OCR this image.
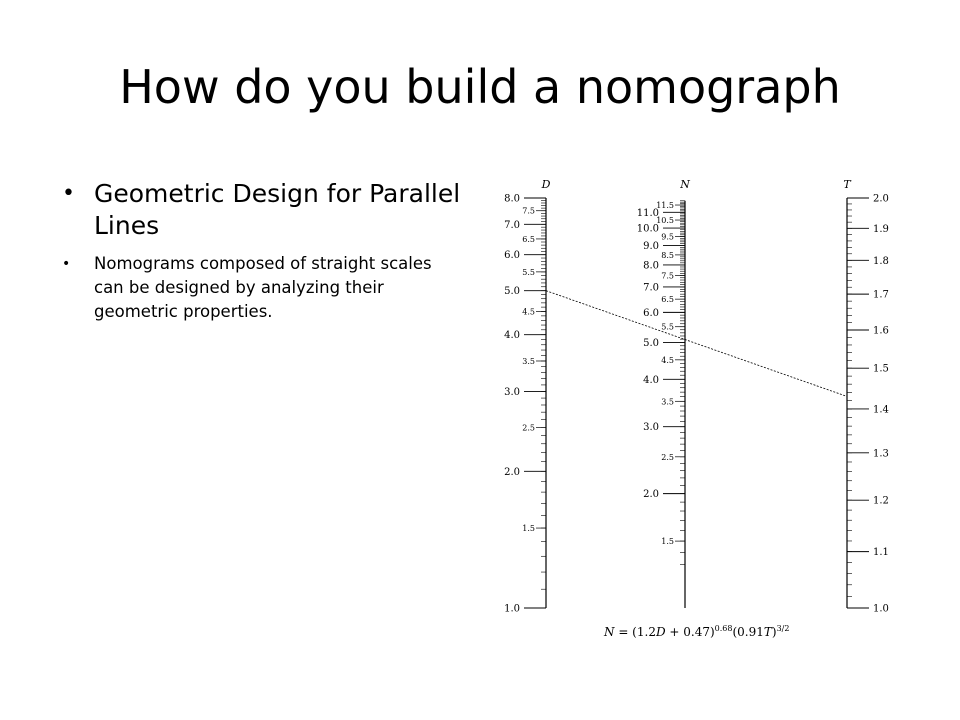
How do you build a nomograph
• Geometric Design for Parallel Lines
• Nomograms composed of straight scales can be designed by analyzing their geometric properties.
1.0
2.0
3.0
4.0
5.0
6.0
7.0
8.0
1.5
2.5
3.5
4.5
5.5
6.5
7.5
D
2.0
3.0
4.0
5.0
6.0
7.0
8.0
9.0
10.0
11.0
1.5
2.5
3.5
4.5
5.5
6.5
7.5
8.5
9.5
10.5
11.5
N
1.0
1.1
1.2
1.3
1.4
1.5
1.6
1.7
1.8
1.9
2.0
T
$N = (1.2D + 0.47)^{0.68}(0.91T)^{3/2}$
